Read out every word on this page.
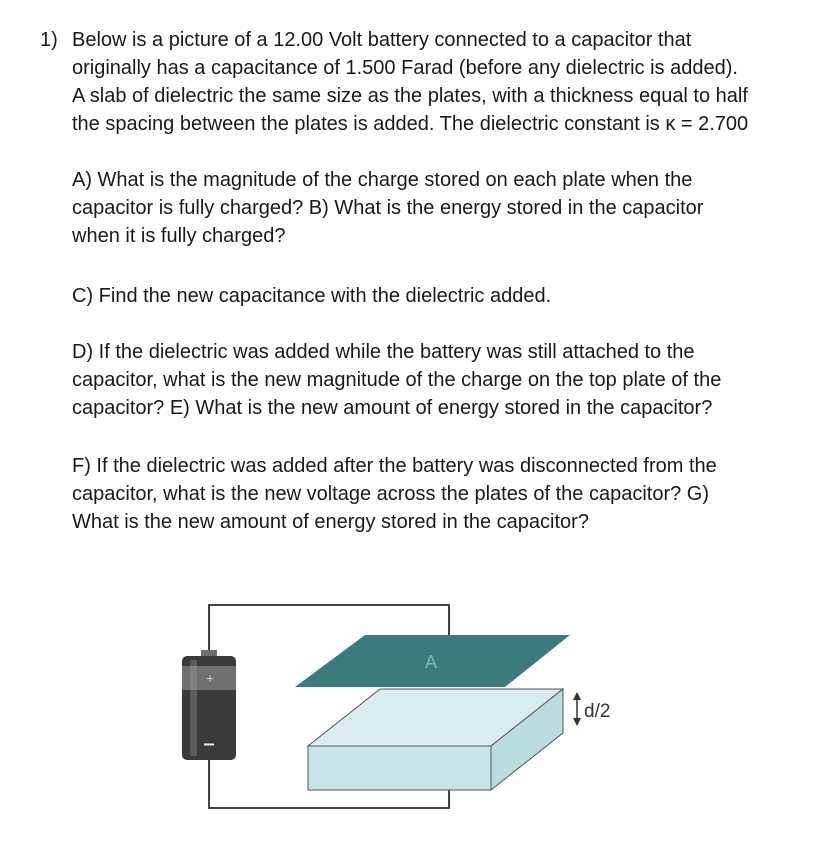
1) Below is a picture of a 12.00 Volt battery connected to a capacitor that
originally has a capacitance of 1.500 Farad (before any dielectric is added).
A slab of dielectric the same size as the plates, with a thickness equal to half
the spacing between the plates is added. The dielectric constant is κ = 2.700
A) What is the magnitude of the charge stored on each plate when the
capacitor is fully charged? B) What is the energy stored in the capacitor
when it is fully charged?
C) Find the new capacitance with the dielectric added.
D) If the dielectric was added while the battery was still attached to the
capacitor, what is the new magnitude of the charge on the top plate of the
capacitor? E) What is the new amount of energy stored in the capacitor?
F) If the dielectric was added after the battery was disconnected from the
capacitor, what is the new voltage across the plates of the capacitor? G)
What is the new amount of energy stored in the capacitor?
+
–
A
d/2
